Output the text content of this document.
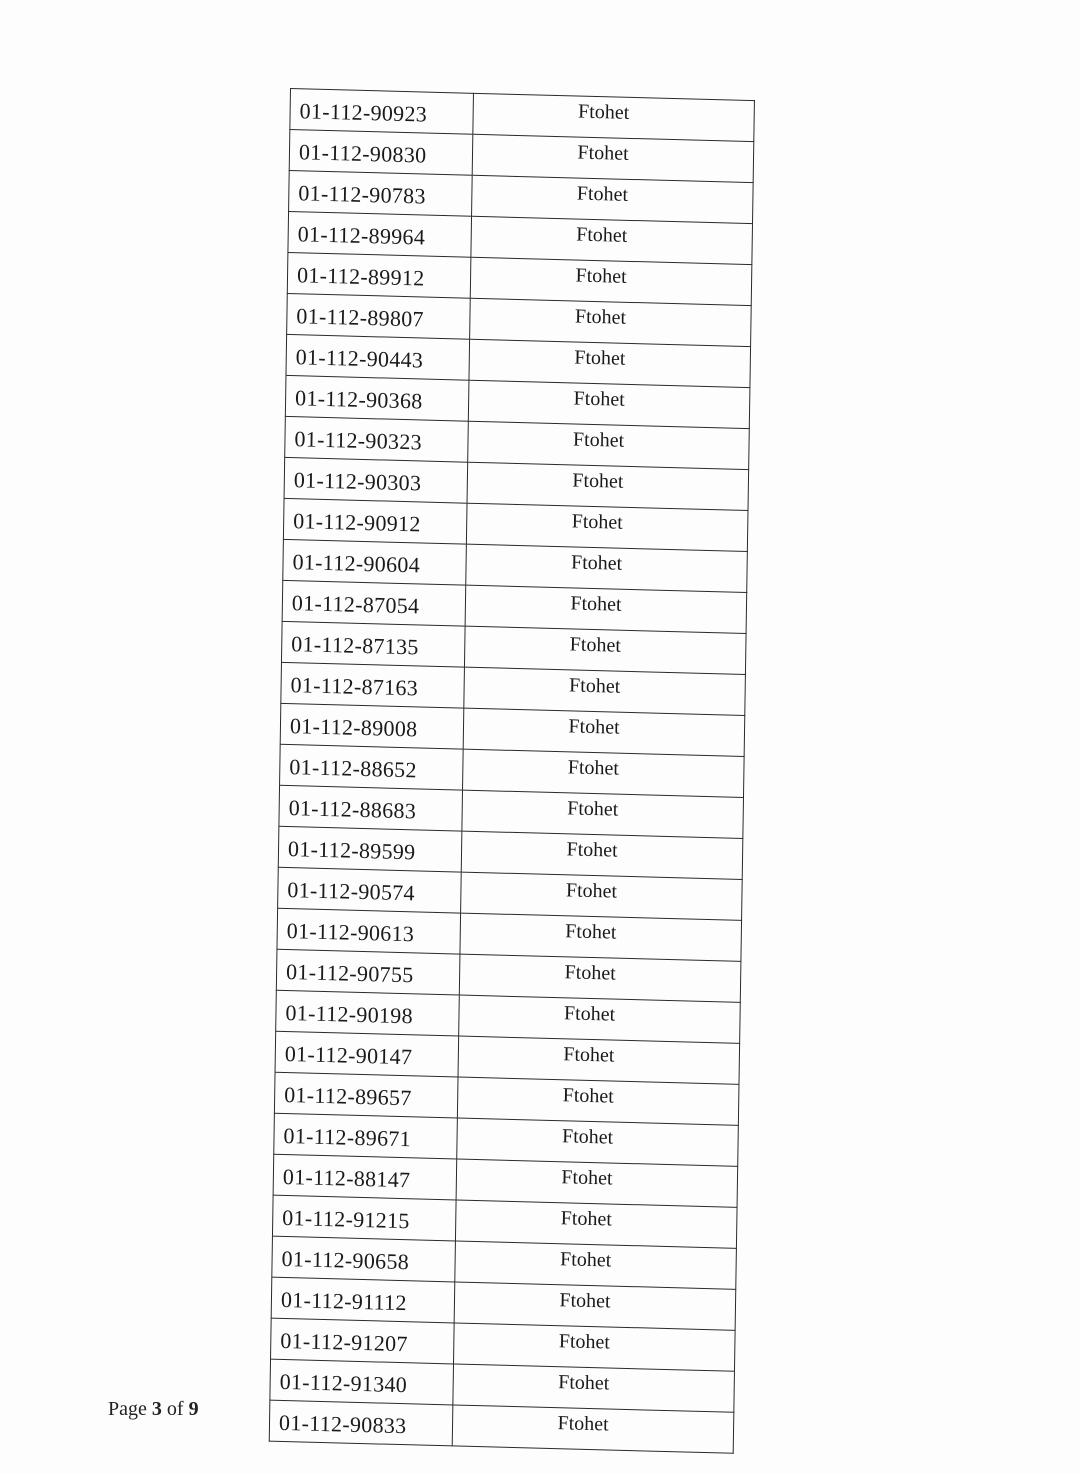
01-112-90923	Ftohet
01-112-90830	Ftohet
01-112-90783	Ftohet
01-112-89964	Ftohet
01-112-89912	Ftohet
01-112-89807	Ftohet
01-112-90443	Ftohet
01-112-90368	Ftohet
01-112-90323	Ftohet
01-112-90303	Ftohet
01-112-90912	Ftohet
01-112-90604	Ftohet
01-112-87054	Ftohet
01-112-87135	Ftohet
01-112-87163	Ftohet
01-112-89008	Ftohet
01-112-88652	Ftohet
01-112-88683	Ftohet
01-112-89599	Ftohet
01-112-90574	Ftohet
01-112-90613	Ftohet
01-112-90755	Ftohet
01-112-90198	Ftohet
01-112-90147	Ftohet
01-112-89657	Ftohet
01-112-89671	Ftohet
01-112-88147	Ftohet
01-112-91215	Ftohet
01-112-90658	Ftohet
01-112-91112	Ftohet
01-112-91207	Ftohet
01-112-91340	Ftohet
01-112-90833	Ftohet
Page 3 of 9
